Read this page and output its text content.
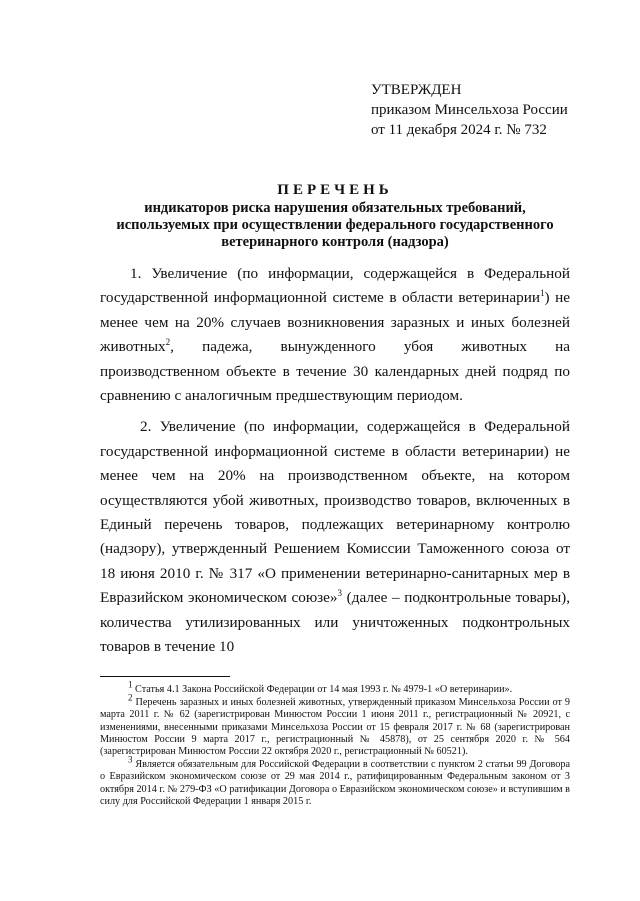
УТВЕРЖДЕН
приказом Минсельхоза России
от 11 декабря 2024 г. № 732
ПЕРЕЧЕНЬ
индикаторов риска нарушения обязательных требований,
используемых при осуществлении федерального государственного
ветеринарного контроля (надзора)

1. Увеличение (по информации, содержащейся в Федеральной государственной информационной системе в области ветеринарии$^1$) не менее чем на 20% случаев возникновения заразных и иных болезней животных$^2$, падежа, вынужденного убоя животных на производственном объекте в течение 30 календарных дней подряд по сравнению с аналогичным предшествующим периодом.

2. Увеличение (по информации, содержащейся в Федеральной государственной информационной системе в области ветеринарии) не менее чем на 20% на производственном объекте, на котором осуществляются убой животных, производство товаров, включенных в Единый перечень товаров, подлежащих ветеринарному контролю (надзору), утвержденный Решением Комиссии Таможенного союза от 18 июня 2010 г. № 317 «О применении ветеринарно-санитарных мер в Евразийском экономическом союзе»$^3$ (далее – подконтрольные товары), количества утилизированных или уничтоженных подконтрольных товаров в течение 10

$^1$ Статья 4.1 Закона Российской Федерации от 14 мая 1993 г. № 4979-1 «О ветеринарии».

$^2$ Перечень заразных и иных болезней животных, утвержденный приказом Минсельхоза России от 9 марта 2011 г. № 62 (зарегистрирован Минюстом России 1 июня 2011 г., регистрационный № 20921, с изменениями, внесенными приказами Минсельхоза России от 15 февраля 2017 г. № 68 (зарегистрирован Минюстом России 9 марта 2017 г., регистрационный № 45878), от 25 сентября 2020 г. № 564 (зарегистрирован Минюстом России 22 октября 2020 г., регистрационный № 60521).

$^3$ Является обязательным для Российской Федерации в соответствии с пунктом 2 статьи 99 Договора о Евразийском экономическом союзе от 29 мая 2014 г., ратифицированным Федеральным законом от 3 октября 2014 г. № 279-ФЗ «О ратификации Договора о Евразийском экономическом союзе» и вступившим в силу для Российской Федерации 1 января 2015 г.
